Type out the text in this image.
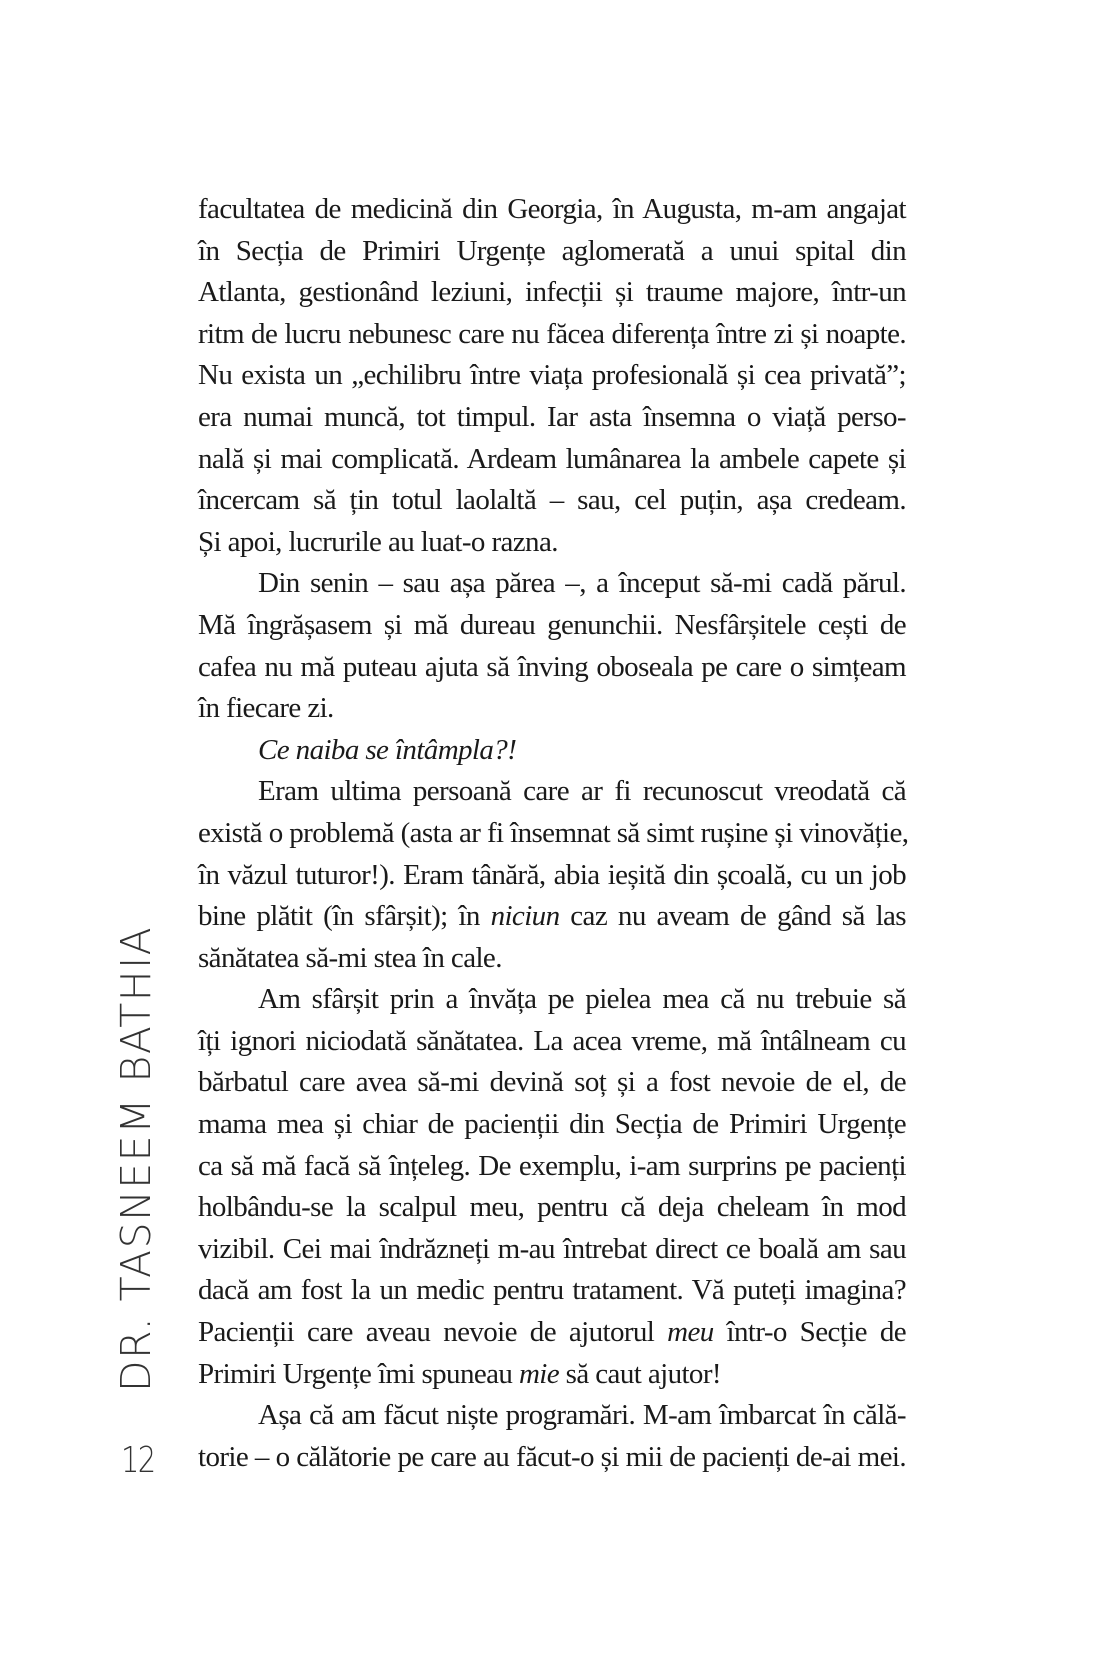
facultatea de medicină din Georgia, în Augusta, m-am angajat
în Secția de Primiri Urgențe aglomerată a unui spital din
Atlanta, gestionând leziuni, infecții și traume majore, într-un
ritm de lucru nebunesc care nu făcea diferența între zi și noapte.
Nu exista un „echilibru între viața profesională și cea privată”;
era numai muncă, tot timpul. Iar asta însemna o viață perso-
nală și mai complicată. Ardeam lumânarea la ambele capete și
încercam să țin totul laolaltă – sau, cel puțin, așa credeam.
Și apoi, lucrurile au luat-o razna.
Din senin – sau așa părea –, a început să-mi cadă părul.
Mă îngrășasem și mă dureau genunchii. Nesfârșitele cești de
cafea nu mă puteau ajuta să înving oboseala pe care o simțeam
în fiecare zi.
Ce naiba se întâmpla?!
Eram ultima persoană care ar fi recunoscut vreodată că
există o problemă (asta ar fi însemnat să simt rușine și vinovăție,
în văzul tuturor!). Eram tânără, abia ieșită din școală, cu un job
bine plătit (în sfârșit); în niciun caz nu aveam de gând să las
sănătatea să-mi stea în cale.
Am sfârșit prin a învăța pe pielea mea că nu trebuie să
îți ignori niciodată sănătatea. La acea vreme, mă întâlneam cu
bărbatul care avea să-mi devină soț și a fost nevoie de el, de
mama mea și chiar de pacienții din Secția de Primiri Urgențe
ca să mă facă să înțeleg. De exemplu, i-am surprins pe pacienți
holbându-se la scalpul meu, pentru că deja cheleam în mod
vizibil. Cei mai îndrăzneți m-au întrebat direct ce boală am sau
dacă am fost la un medic pentru tratament. Vă puteți imagina?
Pacienții care aveau nevoie de ajutorul meu într-o Secție de
Primiri Urgențe îmi spuneau mie să caut ajutor!
Așa că am făcut niște programări. M-am îmbarcat în călă-
torie – o călătorie pe care au făcut-o și mii de pacienți de-ai mei.
DR. TASNEEM BATHIA
12
